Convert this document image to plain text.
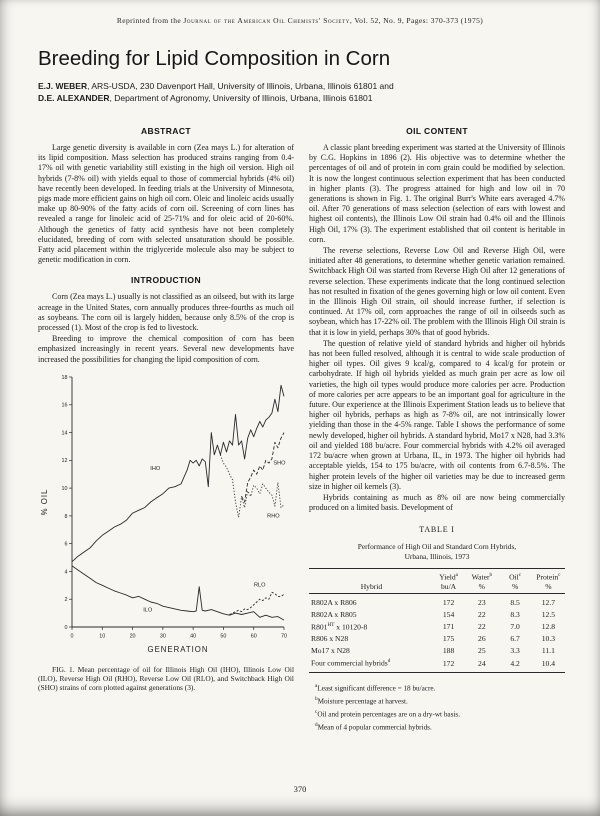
Reprinted from the Journal of the American Oil Chemists' Society, Vol. 52, No. 9, Pages: 370-373 (1975)
Breeding for Lipid Composition in Corn
E.J. WEBER, ARS-USDA, 230 Davenport Hall, University of Illinois, Urbana, Illinois 61801 and
D.E. ALEXANDER, Department of Agronomy, University of Illinois, Urbana, Illinois 61801
ABSTRACT

Large genetic diversity is available in corn (Zea mays L.) for alteration of its lipid composition. Mass selection has produced strains ranging from 0.4-17% oil with genetic variability still existing in the high oil version. High oil hybrids (7-8% oil) with yields equal to those of commercial hybrids (4% oil) have recently been developed. In feeding trials at the University of Minnesota, pigs made more efficient gains on high oil corn. Oleic and linoleic acids usually make up 80-90% of the fatty acids of corn oil. Screening of corn lines has revealed a range for linoleic acid of 25-71% and for oleic acid of 20-60%. Although the genetics of fatty acid synthesis have not been completely elucidated, breeding of corn with selected unsaturation should be possible. Fatty acid placement within the triglyceride molecule also may be subject to genetic modification in corn.

INTRODUCTION

Corn (Zea mays L.) usually is not classified as an oilseed, but with its large acreage in the United States, corn annually produces three-fourths as much oil as soybeans. The corn oil is largely hidden, because only 8.5% of the crop is processed (1). Most of the crop is fed to livestock.

Breeding to improve the chemical composition of corn has been emphasized increasingly in recent years. Several new developments have increased the possibilities for changing the lipid composition of corn.

0
2
4
6
8
10
12
14
16
18
0	10	20	30	40	50	60	70
IHO
ILO
RHO
SHO
RLO
GENERATION
% OIL
FIG. 1. Mean percentage of oil for Illinois High Oil (IHO), Illinois Low Oil (ILO), Reverse High Oil (RHO), Reverse Low Oil (RLO), and Switchback High Oil (SHO) strains of corn plotted against generations (3).
OIL CONTENT

A classic plant breeding experiment was started at the University of Illinois by C.G. Hopkins in 1896 (2). His objective was to determine whether the percentages of oil and of protein in corn grain could be modified by selection. It is now the longest continuous selection experiment that has been conducted in higher plants (3). The progress attained for high and low oil in 70 generations is shown in Fig. 1. The original Burr's White ears averaged 4.7% oil. After 70 generations of mass selection (selection of ears with lowest and highest oil contents), the Illinois Low Oil strain had 0.4% oil and the Illinois High Oil, 17% (3). The experiment established that oil content is heritable in corn.

The reverse selections, Reverse Low Oil and Reverse High Oil, were initiated after 48 generations, to determine whether genetic variation remained. Switchback High Oil was started from Reverse High Oil after 12 generations of reverse selection. These experiments indicate that the long continued selection has not resulted in fixation of the genes governing high or low oil content. Even in the Illinois High Oil strain, oil should increase further, if selection is continued. At 17% oil, corn approaches the range of oil in oilseeds such as soybean, which has 17-22% oil. The problem with the Illinois High Oil strain is that it is low in yield, perhaps 30% that of good hybrids.

The question of relative yield of standard hybrids and higher oil hybrids has not been fulled resolved, although it is central to wide scale production of higher oil types. Oil gives 9 kcal/g, compared to 4 kcal/g for protein or carbohydrate. If high oil hybrids yielded as much grain per acre as low oil varieties, the high oil types would produce more calories per acre. Production of more calories per acre appears to be an important goal for agriculture in the future. Our experience at the Illinois Experiment Station leads us to believe that higher oil hybrids, perhaps as high as 7-8% oil, are not intrinsically lower yielding than those in the 4-5% range. Table I shows the performance of some newly developed, higher oil hybrids. A standard hybrid, Mo17 x N28, had 3.3% oil and yielded 188 bu/acre. Four commercial hybrids with 4.2% oil averaged 172 bu/acre when grown at Urbana, IL, in 1973. The higher oil hybrids had acceptable yields, 154 to 175 bu/acre, with oil contents from 6.7-8.5%. The higher protein levels of the higher oil varieties may be due to increased germ size in higher oil kernels (3).

Hybrids containing as much as 8% oil are now being commercially produced on a limited basis. Development of

TABLE I
Performance of High Oil and Standard Corn Hybrids,
Urbana, Illinois, 1973
Hybrid	
Yield$^a$
bu/A

Water$^b$
%

Oil$^c$
%

Protein$^c$
%

R802A x R806	172	23	8.5	12.7
R802A x R805	154	22	8.3	12.5
$R801^{HT}$ x 10120-8	171	22	7.0	12.8
R806 x N28	175	26	6.7	10.3
Mo17 x N28	188	25	3.3	11.1
Four commercial hybrids$^d$	172	24	4.2	10.4
$^a$Least significant difference = 18 bu/acre.
$^b$Moisture percentage at harvest.
$^c$Oil and protein percentages are on a dry-wt basis.
$^d$Mean of 4 popular commercial hybrids.
370
